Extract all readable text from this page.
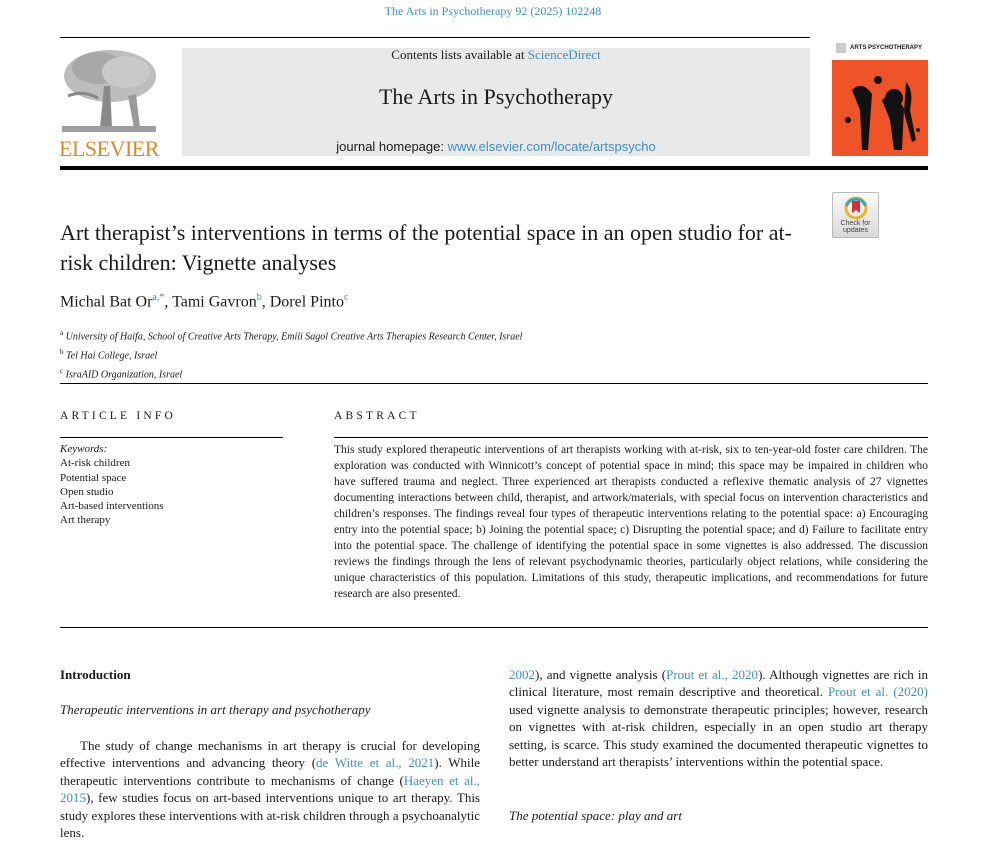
The Arts in Psychotherapy 92 (2025) 102248
ELSEVIER
Contents lists available at ScienceDirect
The Arts in Psychotherapy
journal homepage: www.elsevier.com/locate/artspsycho
ARTS PSYCHOTHERAPY
Check for
updates
Art therapist’s interventions in terms of the potential space in an open studio for at-risk children: Vignette analyses
Michal Bat $Or^{a,*}$, Tami Gavron$^b$, Dorel Pinto$^c$
$^a$ University of Haifa, School of Creative Arts Therapy, Emili Sagol Creative Arts Therapies Research Center, Israel
$^b$ Tel Hai College, Israel
$^c$ IsraAID Organization, Israel
ARTICLE INFO	ABSTRACT
Keywords:
At-risk children
Potential space
Open studio
Art-based interventions
Art therapy
This study explored therapeutic interventions of art therapists working with at-risk, six to ten-year-old foster care children. The exploration was conducted with Winnicott’s concept of potential space in mind; this space may be impaired in children who have suffered trauma and neglect. Three experienced art therapists conducted a reflexive thematic analysis of 27 vignettes documenting interactions between child, therapist, and artwork/materials, with special focus on intervention characteristics and children’s responses. The findings reveal four types of therapeutic interventions relating to the potential space: a) Encouraging entry into the potential space; b) Joining the potential space; c) Disrupting the potential space; and d) Failure to facilitate entry into the potential space. The challenge of identifying the potential space in some vignettes is also addressed. The discussion reviews the findings through the lens of relevant psychodynamic theories, particularly object relations, while considering the unique characteristics of this population. Limitations of this study, therapeutic implications, and recommendations for future research are also presented.
Introduction
Therapeutic interventions in art therapy and psychotherapy
The study of change mechanisms in art therapy is crucial for developing effective interventions and advancing theory (de Witte et al., 2021). While therapeutic interventions contribute to mechanisms of change (Haeyen et al., 2015), few studies focus on art-based interventions unique to art therapy. This study explores these interventions with at-risk children through a psychoanalytic lens.
2002), and vignette analysis (Prout et al., 2020). Although vignettes are rich in clinical literature, most remain descriptive and theoretical. Prout et al. (2020) used vignette analysis to demonstrate therapeutic principles; however, research on vignettes with at-risk children, especially in an open studio art therapy setting, is scarce. This study examined the documented therapeutic vignettes to better understand art therapists’ interventions within the potential space.
The potential space: play and art
